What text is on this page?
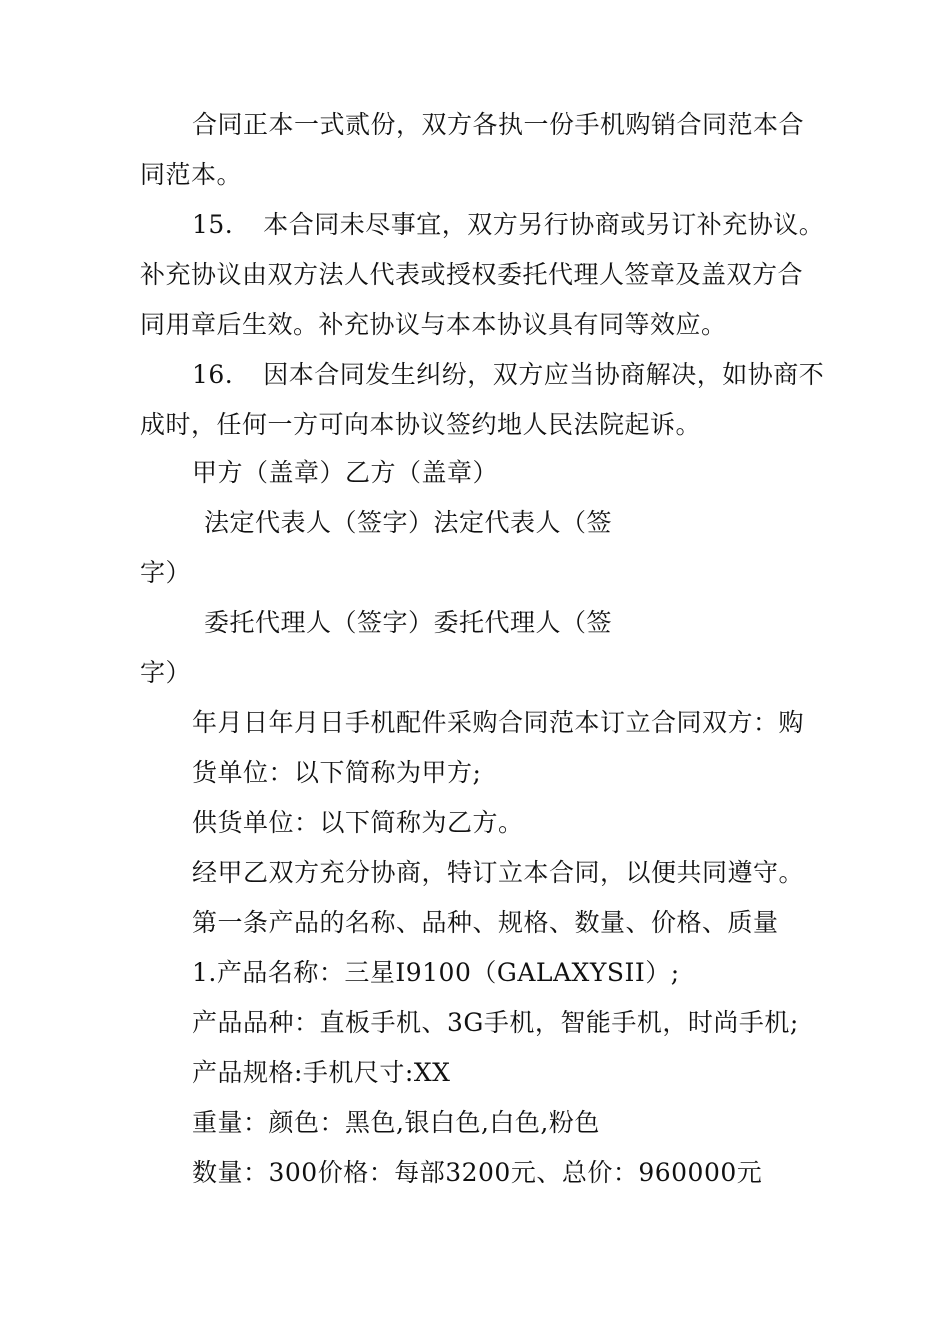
合同正本一式贰份，双方各执一份手机购销合同范本合
同范本。
15. 本合同未尽事宜，双方另行协商或另订补充协议。
补充协议由双方法人代表或授权委托代理人签章及盖双方合
同用章后生效。补充协议与本本协议具有同等效应。
16. 因本合同发生纠纷，双方应当协商解决，如协商不
成时，任何一方可向本协议签约地人民法院起诉。
甲方（盖章）乙方（盖章）
法定代表人（签字）法定代表人（签
字）
委托代理人（签字）委托代理人（签
字）
年月日年月日手机配件采购合同范本订立合同双方：购
货单位：以下简称为甲方;
供货单位：以下简称为乙方。
经甲乙双方充分协商，特订立本合同，以便共同遵守。
第一条产品的名称、品种、规格、数量、价格、质量
1.产品名称：三星I9100（GALAXYSII）;
产品品种：直板手机、3G手机，智能手机，时尚手机;
产品规格:手机尺寸:XX
重量：颜色：黑色,银白色,白色,粉色
数量：300价格：每部3200元、总价：960000元
